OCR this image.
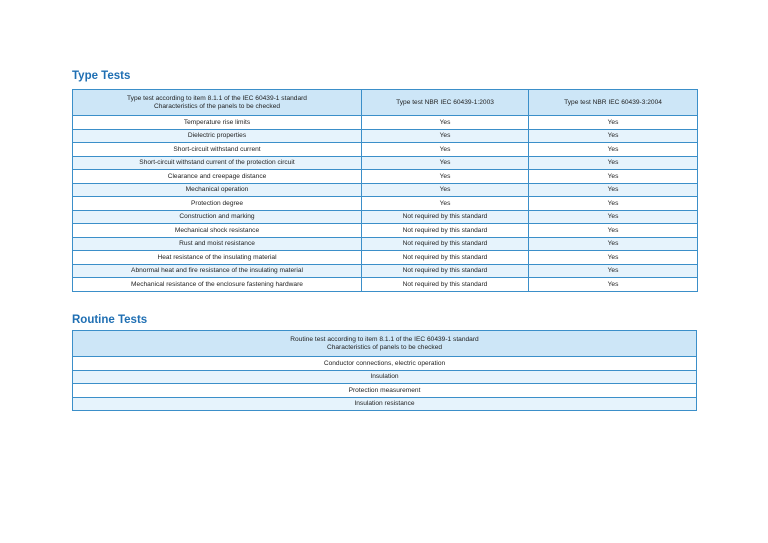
Type Tests
Type test according to item 8.1.1 of the IEC 60439-1 standard
Characteristics of the panels to be checked	Type test NBR IEC 60439-1:2003	Type test NBR IEC 60439-3:2004
Temperature rise limits	Yes	Yes
Dielectric properties	Yes	Yes
Short-circuit withstand current	Yes	Yes
Short-circuit withstand current of the protection circuit	Yes	Yes
Clearance and creepage distance	Yes	Yes
Mechanical operation	Yes	Yes
Protection degree	Yes	Yes
Construction and marking	Not required by this standard	Yes
Mechanical shock resistance	Not required by this standard	Yes
Rust and moist resistance	Not required by this standard	Yes
Heat resistance of the insulating material	Not required by this standard	Yes
Abnormal heat and fire resistance of the insulating material	Not required by this standard	Yes
Mechanical resistance of the enclosure fastening hardware	Not required by this standard	Yes
Routine Tests
Routine test according to item 8.1.1 of the IEC 60439-1 standard
Characteristics of panels to be checked

Conductor connections, electric operation
Insulation
Protection measurement
Insulation resistance
